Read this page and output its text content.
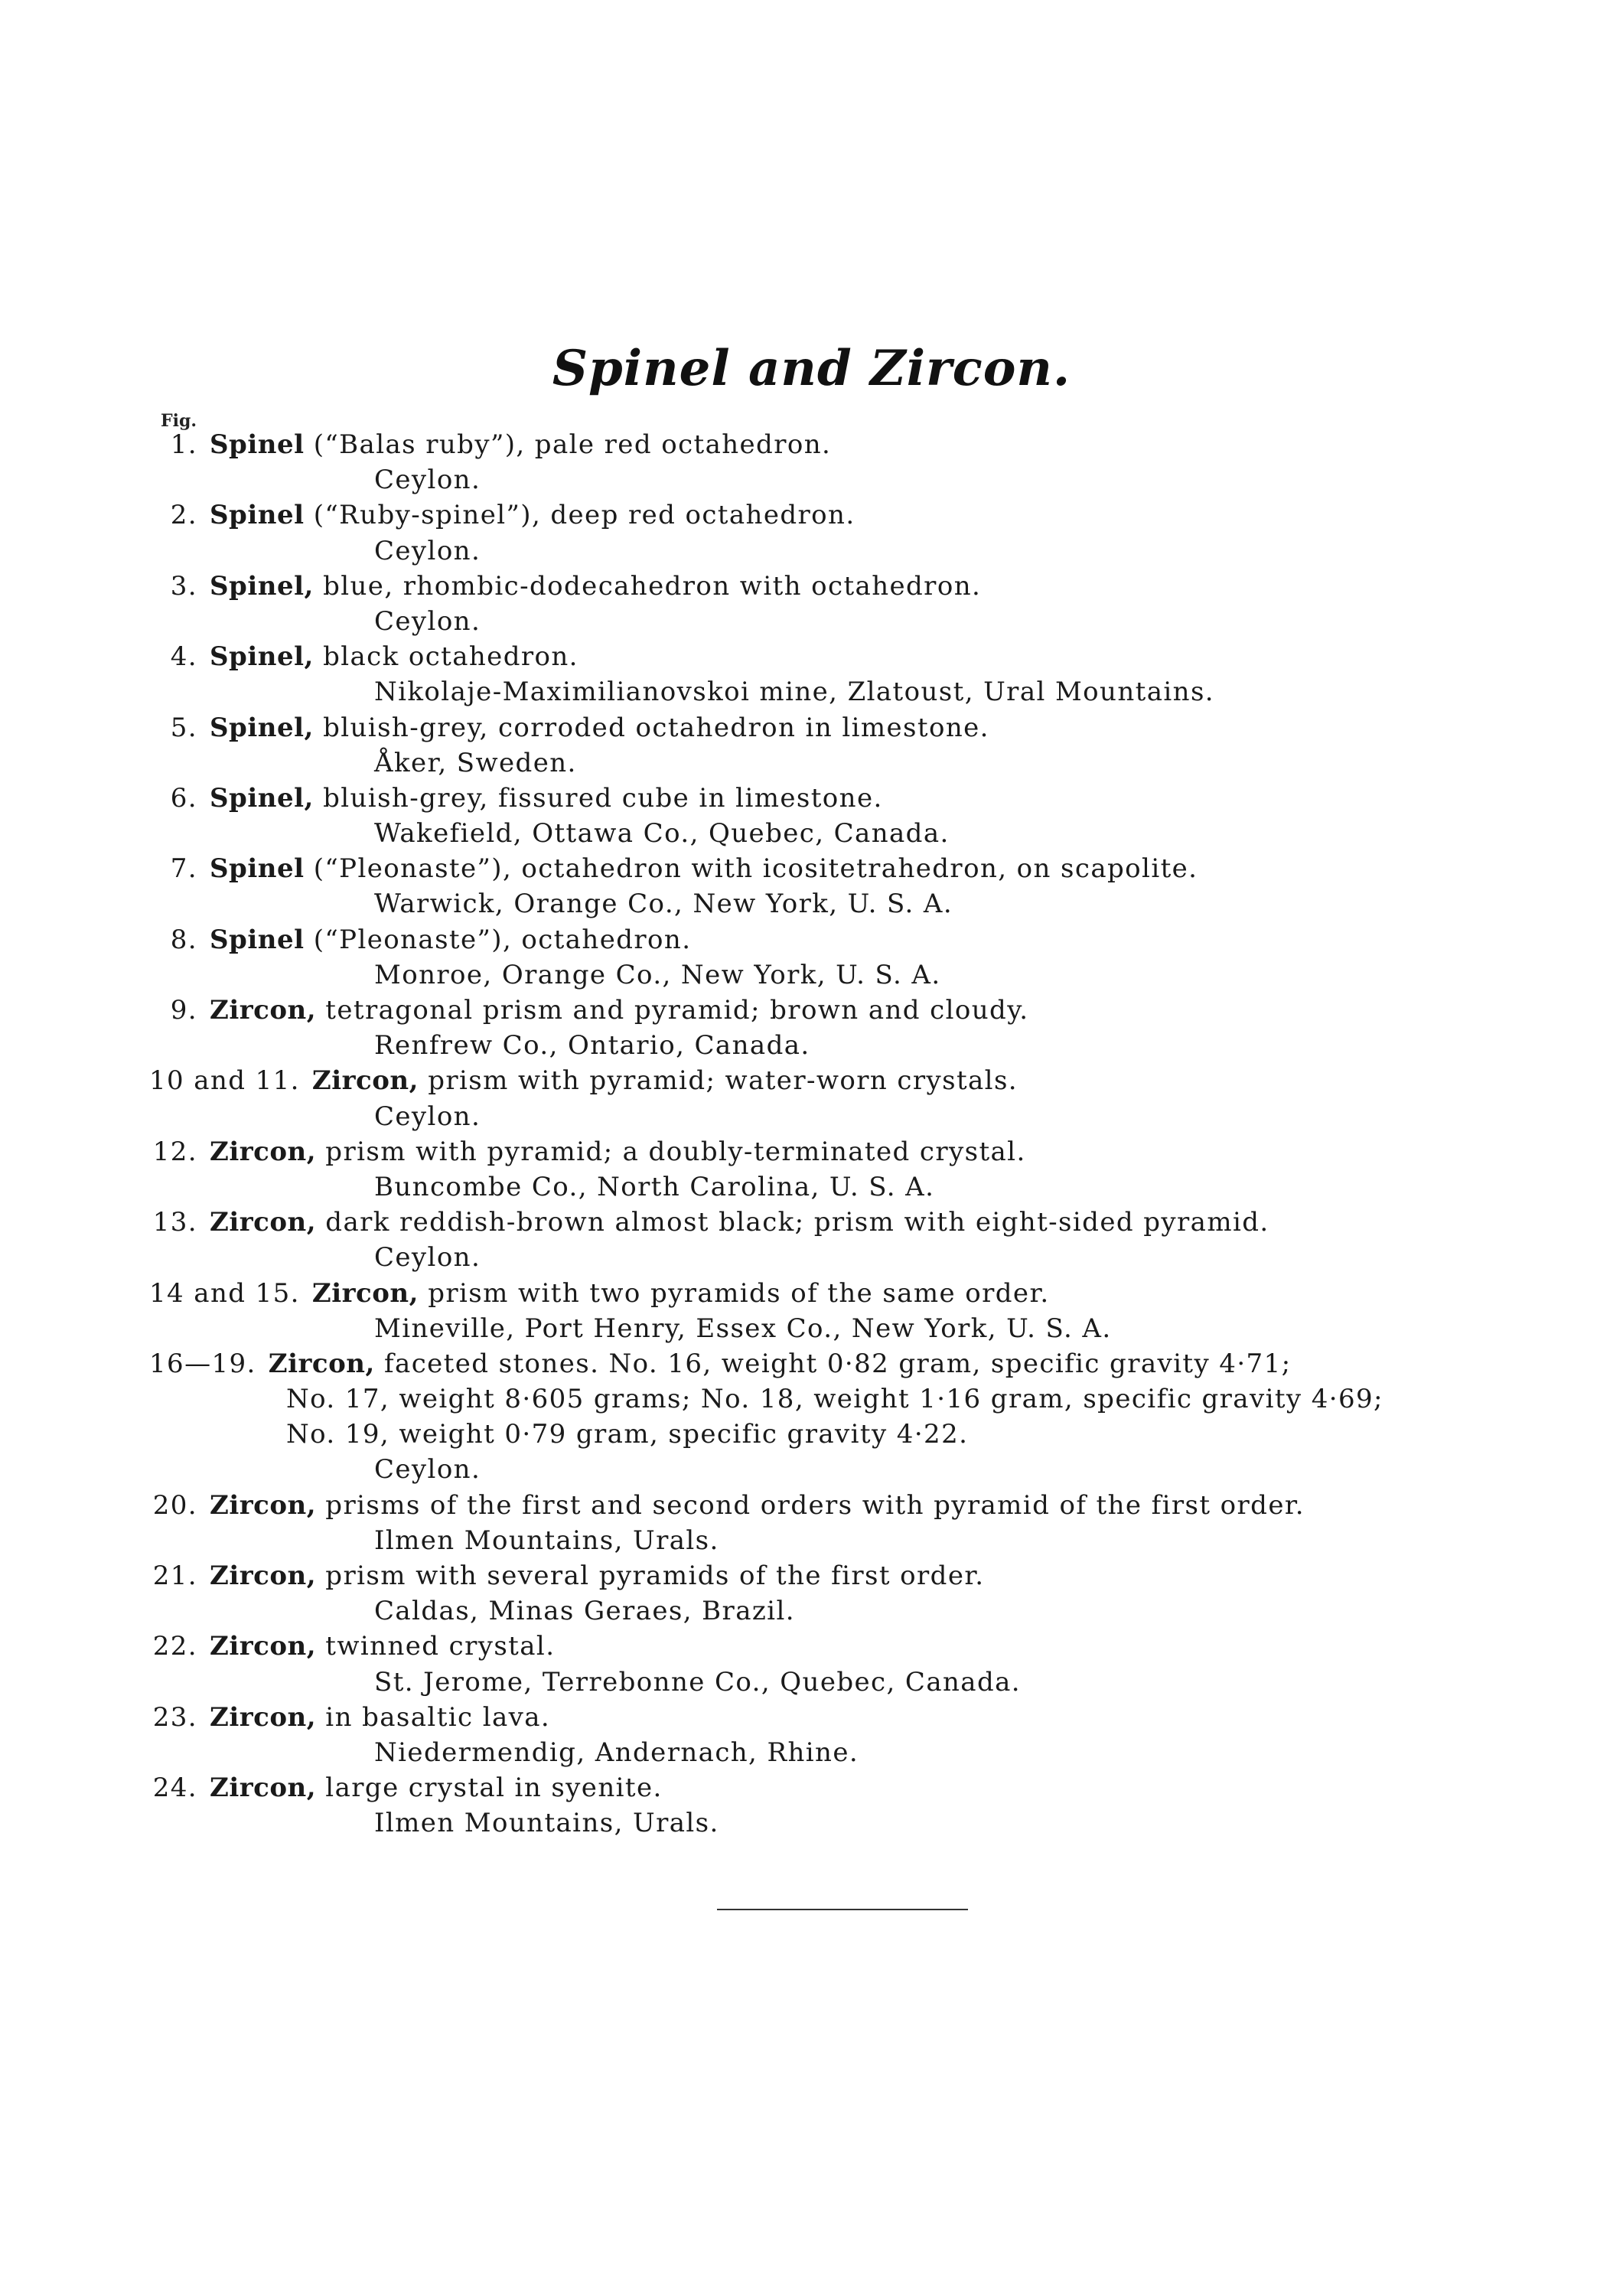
Spinel and Zircon.
Fig.
1. Spinel (“Balas ruby”), pale red octahedron.
Ceylon.
2. Spinel (“Ruby-spinel”), deep red octahedron.
Ceylon.
3. Spinel, blue, rhombic-dodecahedron with octahedron.
Ceylon.
4. Spinel, black octahedron.
Nikolaje-Maximilianovskoi mine, Zlatoust, Ural Mountains.
5. Spinel, bluish-grey, corroded octahedron in limestone.
Åker, Sweden.
6. Spinel, bluish-grey, fissured cube in limestone.
Wakefield, Ottawa Co., Quebec, Canada.
7. Spinel (“Pleonaste”), octahedron with icositetrahedron, on scapolite.
Warwick, Orange Co., New York, U. S. A.
8. Spinel (“Pleonaste”), octahedron.
Monroe, Orange Co., New York, U. S. A.
9. Zircon, tetragonal prism and pyramid; brown and cloudy.
Renfrew Co., Ontario, Canada.
10 and 11. Zircon, prism with pyramid; water-worn crystals.
Ceylon.
12. Zircon, prism with pyramid; a doubly-terminated crystal.
Buncombe Co., North Carolina, U. S. A.
13. Zircon, dark reddish-brown almost black; prism with eight-sided pyramid.
Ceylon.
14 and 15. Zircon, prism with two pyramids of the same order.
Mineville, Port Henry, Essex Co., New York, U. S. A.
16—19. Zircon, faceted stones. No. 16, weight 0·82 gram, specific gravity 4·71;
No. 17, weight 8·605 grams; No. 18, weight 1·16 gram, specific gravity 4·69;
No. 19, weight 0·79 gram, specific gravity 4·22.
Ceylon.
20. Zircon, prisms of the first and second orders with pyramid of the first order.
Ilmen Mountains, Urals.
21. Zircon, prism with several pyramids of the first order.
Caldas, Minas Geraes, Brazil.
22. Zircon, twinned crystal.
St. Jerome, Terrebonne Co., Quebec, Canada.
23. Zircon, in basaltic lava.
Niedermendig, Andernach, Rhine.
24. Zircon, large crystal in syenite.
Ilmen Mountains, Urals.
